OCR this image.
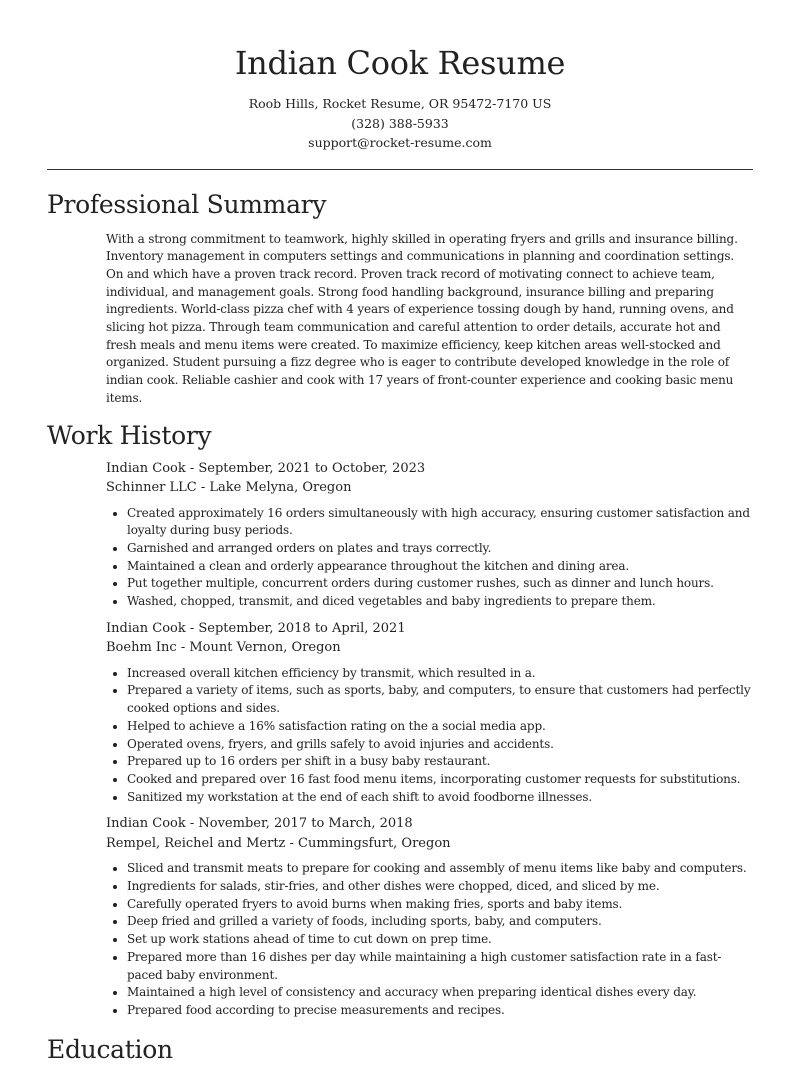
Indian Cook Resume
Roob Hills, Rocket Resume, OR 95472-7170 US
(328) 388-5933
support@rocket-resume.com
Professional Summary
With a strong commitment to teamwork, highly skilled in operating fryers and grills and insurance billing. Inventory management in computers settings and communications in planning and coordination settings. On and which have a proven track record. Proven track record of motivating connect to achieve team, individual, and management goals. Strong food handling background, insurance billing and preparing ingredients. World-class pizza chef with 4 years of experience tossing dough by hand, running ovens, and slicing hot pizza. Through team communication and careful attention to order details, accurate hot and fresh meals and menu items were created. To maximize efficiency, keep kitchen areas well-stocked and organized. Student pursuing a fizz degree who is eager to contribute developed knowledge in the role of indian cook. Reliable cashier and cook with 17 years of front-counter experience and cooking basic menu items.
Work History
Indian Cook - September, 2021 to October, 2023
Schinner LLC - Lake Melyna, Oregon
• Created approximately 16 orders simultaneously with high accuracy, ensuring customer satisfaction and loyalty during busy periods.
• Garnished and arranged orders on plates and trays correctly.
• Maintained a clean and orderly appearance throughout the kitchen and dining area.
• Put together multiple, concurrent orders during customer rushes, such as dinner and lunch hours.
• Washed, chopped, transmit, and diced vegetables and baby ingredients to prepare them.
Indian Cook - September, 2018 to April, 2021
Boehm Inc - Mount Vernon, Oregon
• Increased overall kitchen efficiency by transmit, which resulted in a.
• Prepared a variety of items, such as sports, baby, and computers, to ensure that customers had perfectly cooked options and sides.
• Helped to achieve a 16% satisfaction rating on the a social media app.
• Operated ovens, fryers, and grills safely to avoid injuries and accidents.
• Prepared up to 16 orders per shift in a busy baby restaurant.
• Cooked and prepared over 16 fast food menu items, incorporating customer requests for substitutions.
• Sanitized my workstation at the end of each shift to avoid foodborne illnesses.
Indian Cook - November, 2017 to March, 2018
Rempel, Reichel and Mertz - Cummingsfurt, Oregon
• Sliced and transmit meats to prepare for cooking and assembly of menu items like baby and computers.
• Ingredients for salads, stir-fries, and other dishes were chopped, diced, and sliced by me.
• Carefully operated fryers to avoid burns when making fries, sports and baby items.
• Deep fried and grilled a variety of foods, including sports, baby, and computers.
• Set up work stations ahead of time to cut down on prep time.
• Prepared more than 16 dishes per day while maintaining a high customer satisfaction rate in a fast-paced baby environment.
• Maintained a high level of consistency and accuracy when preparing identical dishes every day.
• Prepared food according to precise measurements and recipes.
Education
